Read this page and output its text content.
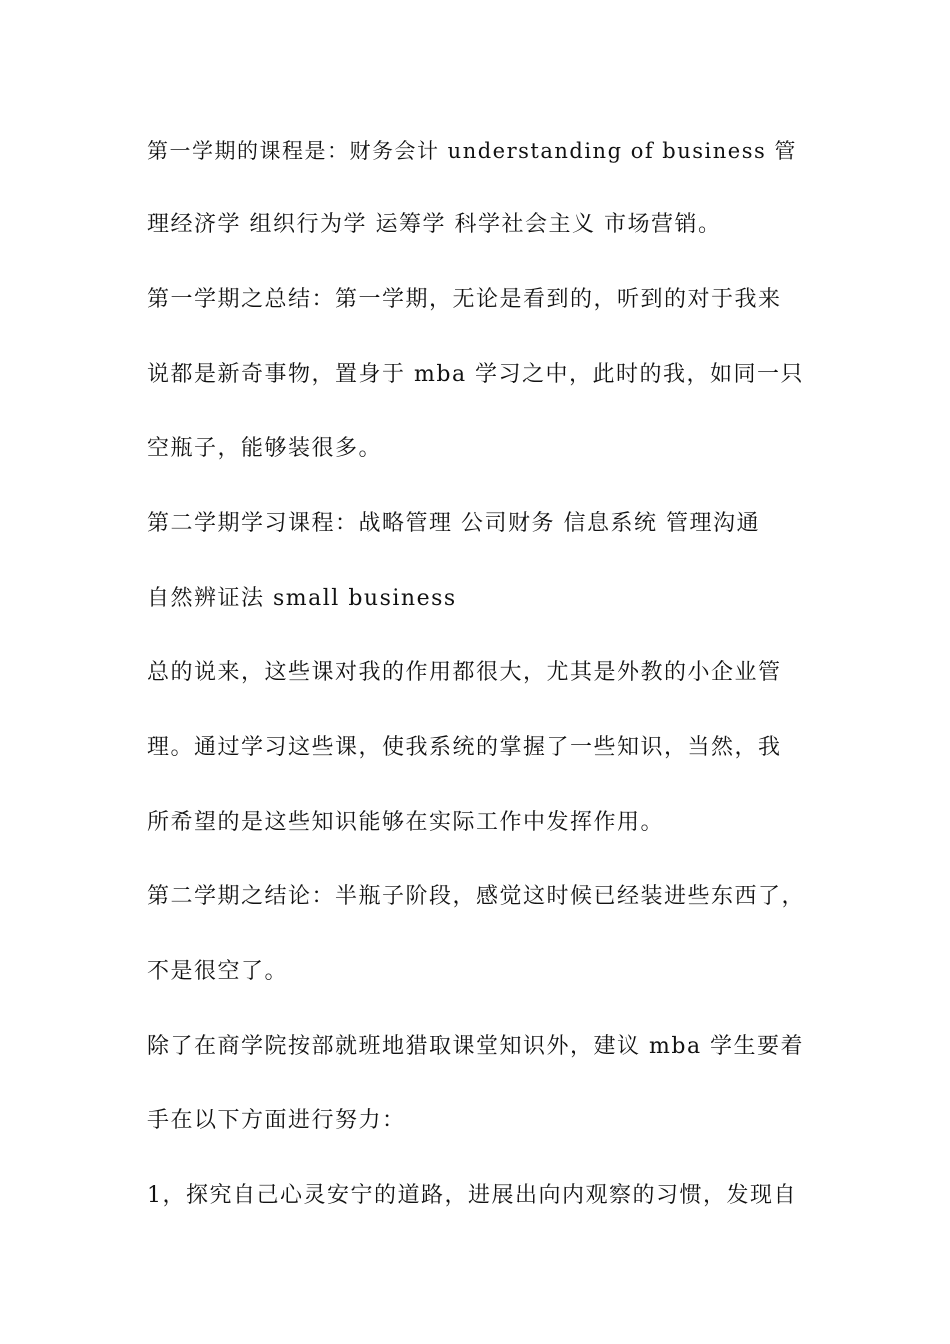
第一学期的课程是：财务会计 understanding of business 管
理经济学 组织行为学 运筹学 科学社会主义 市场营销。
第一学期之总结：第一学期，无论是看到的，听到的对于我来
说都是新奇事物，置身于 mba 学习之中，此时的我，如同一只
空瓶子，能够装很多。
第二学期学习课程：战略管理 公司财务 信息系统 管理沟通
自然辨证法 small business
总的说来，这些课对我的作用都很大，尤其是外教的小企业管
理。通过学习这些课，使我系统的掌握了一些知识，当然，我
所希望的是这些知识能够在实际工作中发挥作用。
第二学期之结论：半瓶子阶段，感觉这时候已经装进些东西了，
不是很空了。
除了在商学院按部就班地猎取课堂知识外，建议 mba 学生要着
手在以下方面进行努力：
1，探究自己心灵安宁的道路，进展出向内观察的习惯，发现自
